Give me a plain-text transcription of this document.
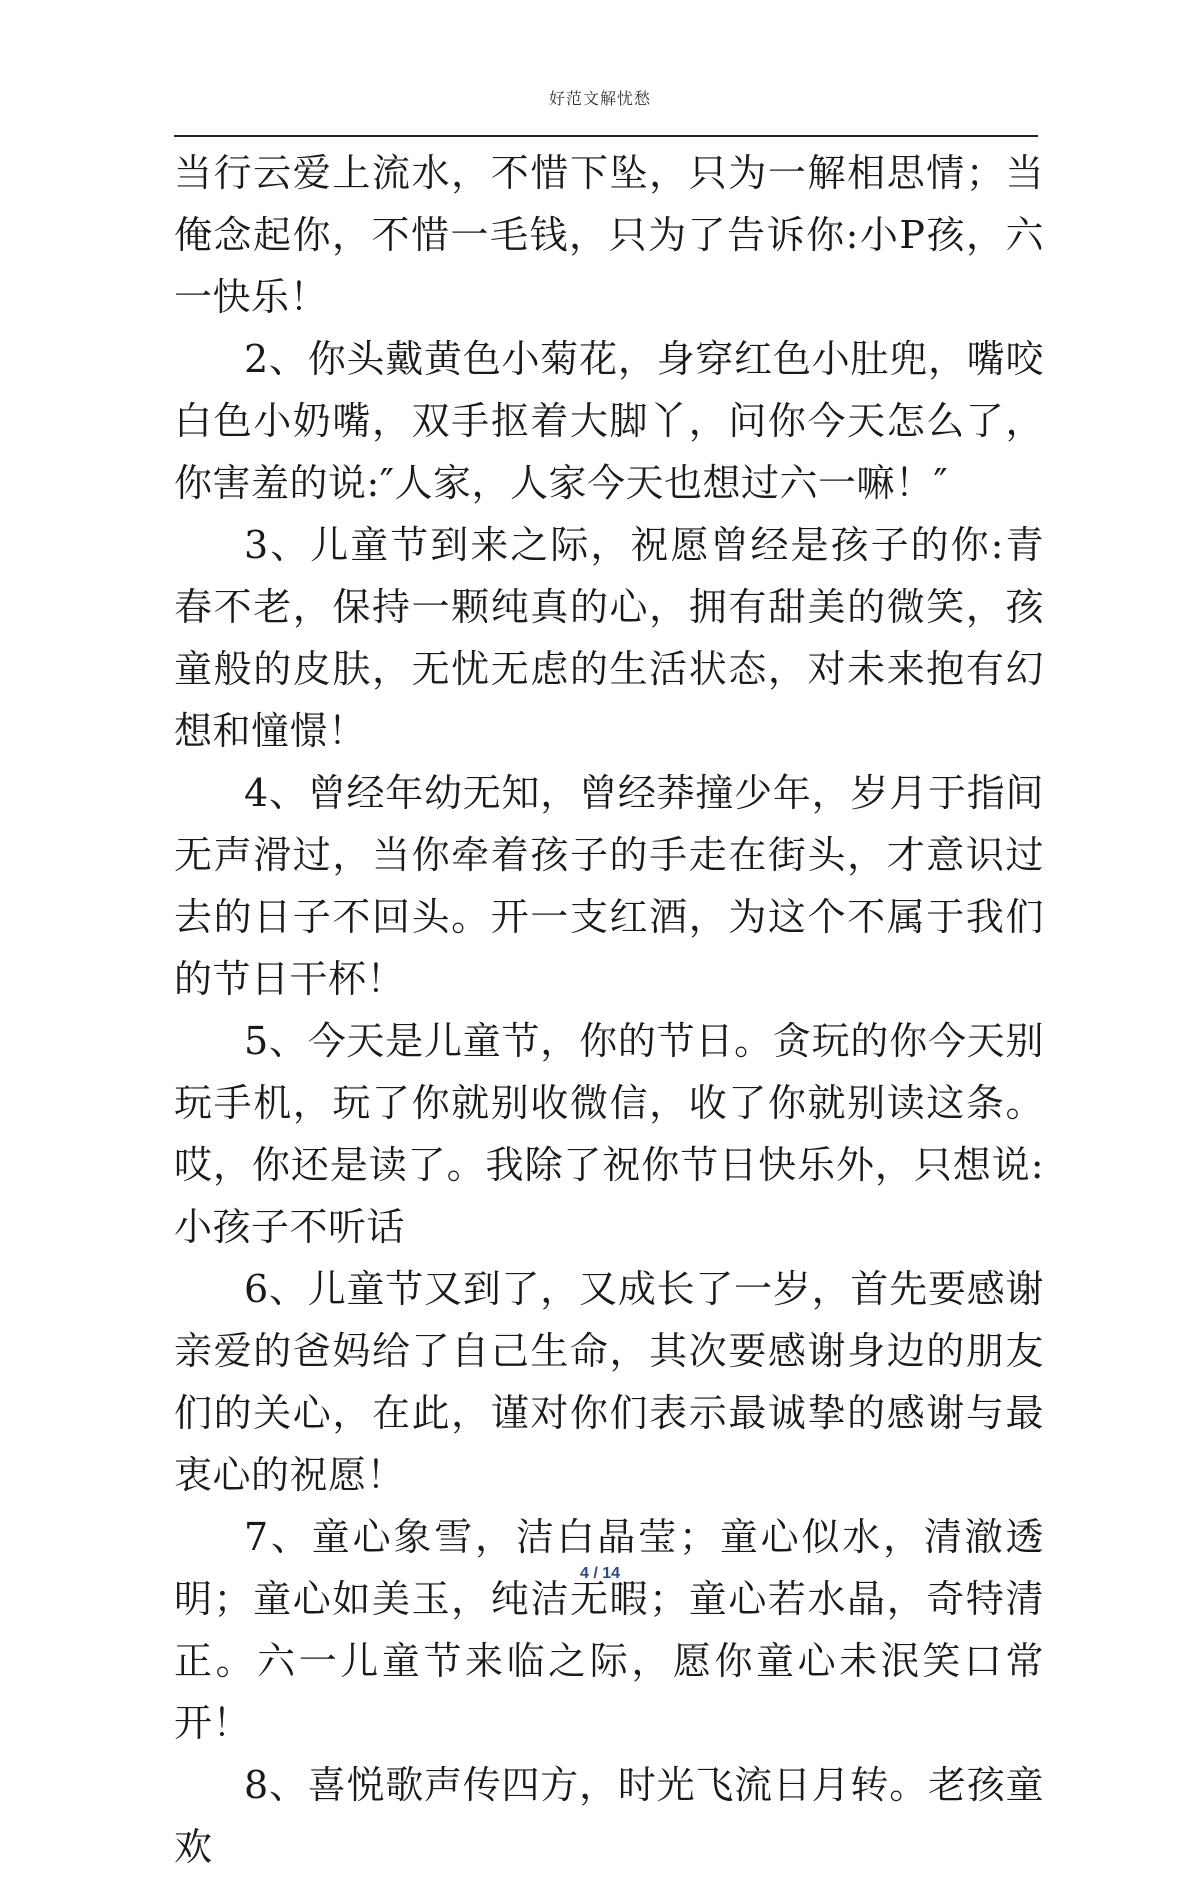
好范文解忧愁

当行云爱上流水，不惜下坠，只为一解相思情；当俺念起你，不惜一毛钱，只为了告诉你:小P孩，六一快乐！

2、你头戴黄色小菊花，身穿红色小肚兜，嘴咬白色小奶嘴，双手抠着大脚丫，问你今天怎么了，你害羞的说:″人家，人家今天也想过六一嘛！″

3、儿童节到来之际，祝愿曾经是孩子的你:青春不老，保持一颗纯真的心，拥有甜美的微笑，孩童般的皮肤，无忧无虑的生活状态，对未来抱有幻想和憧憬！

4、曾经年幼无知，曾经莽撞少年，岁月于指间无声滑过，当你牵着孩子的手走在街头，才意识过去的日子不回头。开一支红酒，为这个不属于我们的节日干杯！

5、今天是儿童节，你的节日。贪玩的你今天别玩手机，玩了你就别收微信，收了你就别读这条。哎，你还是读了。我除了祝你节日快乐外，只想说:小孩子不听话

6、儿童节又到了，又成长了一岁，首先要感谢亲爱的爸妈给了自己生命，其次要感谢身边的朋友们的关心，在此，谨对你们表示最诚挚的感谢与最衷心的祝愿！

7、童心象雪，洁白晶莹；童心似水，清澈透明；童心如美玉，纯洁无暇；童心若水晶，奇特清正。六一儿童节来临之际，愿你童心未泯笑口常开！

8、喜悦歌声传四方，时光飞流日月转。老孩童欢

4 / 14
